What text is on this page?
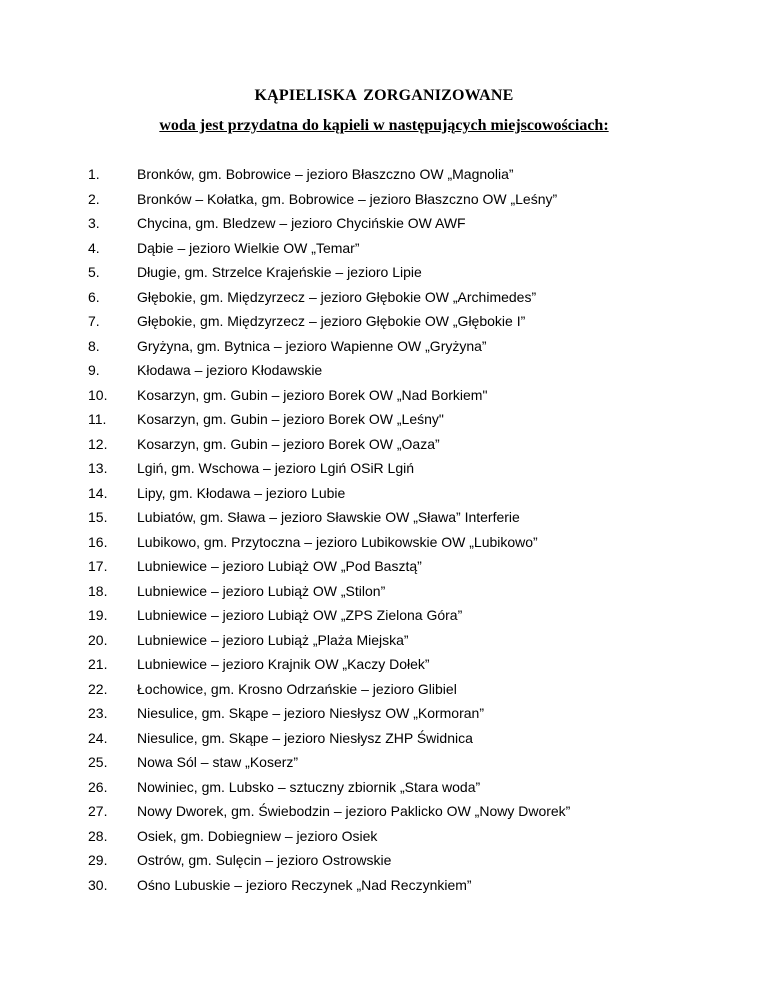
KĄPIELISKA ZORGANIZOWANE
woda jest przydatna do kąpieli w następujących miejscowościach:
1.	Bronków, gm. Bobrowice – jezioro Błaszczno OW „Magnolia”
2.	Bronków – Kołatka, gm. Bobrowice – jezioro Błaszczno OW „Leśny”
3.	Chycina, gm. Bledzew – jezioro Chycińskie OW AWF
4.	Dąbie – jezioro Wielkie OW „Temar”
5.	Długie, gm. Strzelce Krajeńskie – jezioro Lipie
6.	Głębokie, gm. Międzyrzecz – jezioro Głębokie OW „Archimedes”
7.	Głębokie, gm. Międzyrzecz – jezioro Głębokie OW „Głębokie I”
8.	Gryżyna, gm. Bytnica – jezioro Wapienne OW „Gryżyna”
9.	Kłodawa – jezioro Kłodawskie
10. Kosarzyn, gm. Gubin – jezioro Borek OW „Nad Borkiem"
11. Kosarzyn, gm. Gubin – jezioro Borek OW „Leśny"
12. Kosarzyn, gm. Gubin – jezioro Borek OW „Oaza”
13. Lgiń, gm. Wschowa – jezioro Lgiń OSiR Lgiń
14. Lipy, gm. Kłodawa – jezioro Lubie
15. Lubiatów, gm. Sława – jezioro Sławskie OW „Sława” Interferie
16. Lubikowo, gm. Przytoczna – jezioro Lubikowskie OW „Lubikowo”
17. Lubniewice – jezioro Lubiąż OW „Pod Basztą”
18. Lubniewice – jezioro Lubiąż OW „Stilon”
19. Lubniewice – jezioro Lubiąż OW „ZPS Zielona Góra”
20. Lubniewice – jezioro Lubiąż „Plaża Miejska”
21. Lubniewice – jezioro Krajnik OW „Kaczy Dołek”
22. Łochowice, gm. Krosno Odrzańskie – jezioro Glibiel
23. Niesulice, gm. Skąpe – jezioro Niesłysz OW „Kormoran”
24. Niesulice, gm. Skąpe – jezioro Niesłysz ZHP Świdnica
25. Nowa Sól – staw „Koserz”
26. Nowiniec, gm. Lubsko – sztuczny zbiornik „Stara woda”
27. Nowy Dworek, gm. Świebodzin – jezioro Paklicko OW „Nowy Dworek”
28. Osiek, gm. Dobiegniew – jezioro Osiek
29. Ostrów, gm. Sulęcin – jezioro Ostrowskie
30. Ośno Lubuskie – jezioro Reczynek „Nad Reczynkiem”
